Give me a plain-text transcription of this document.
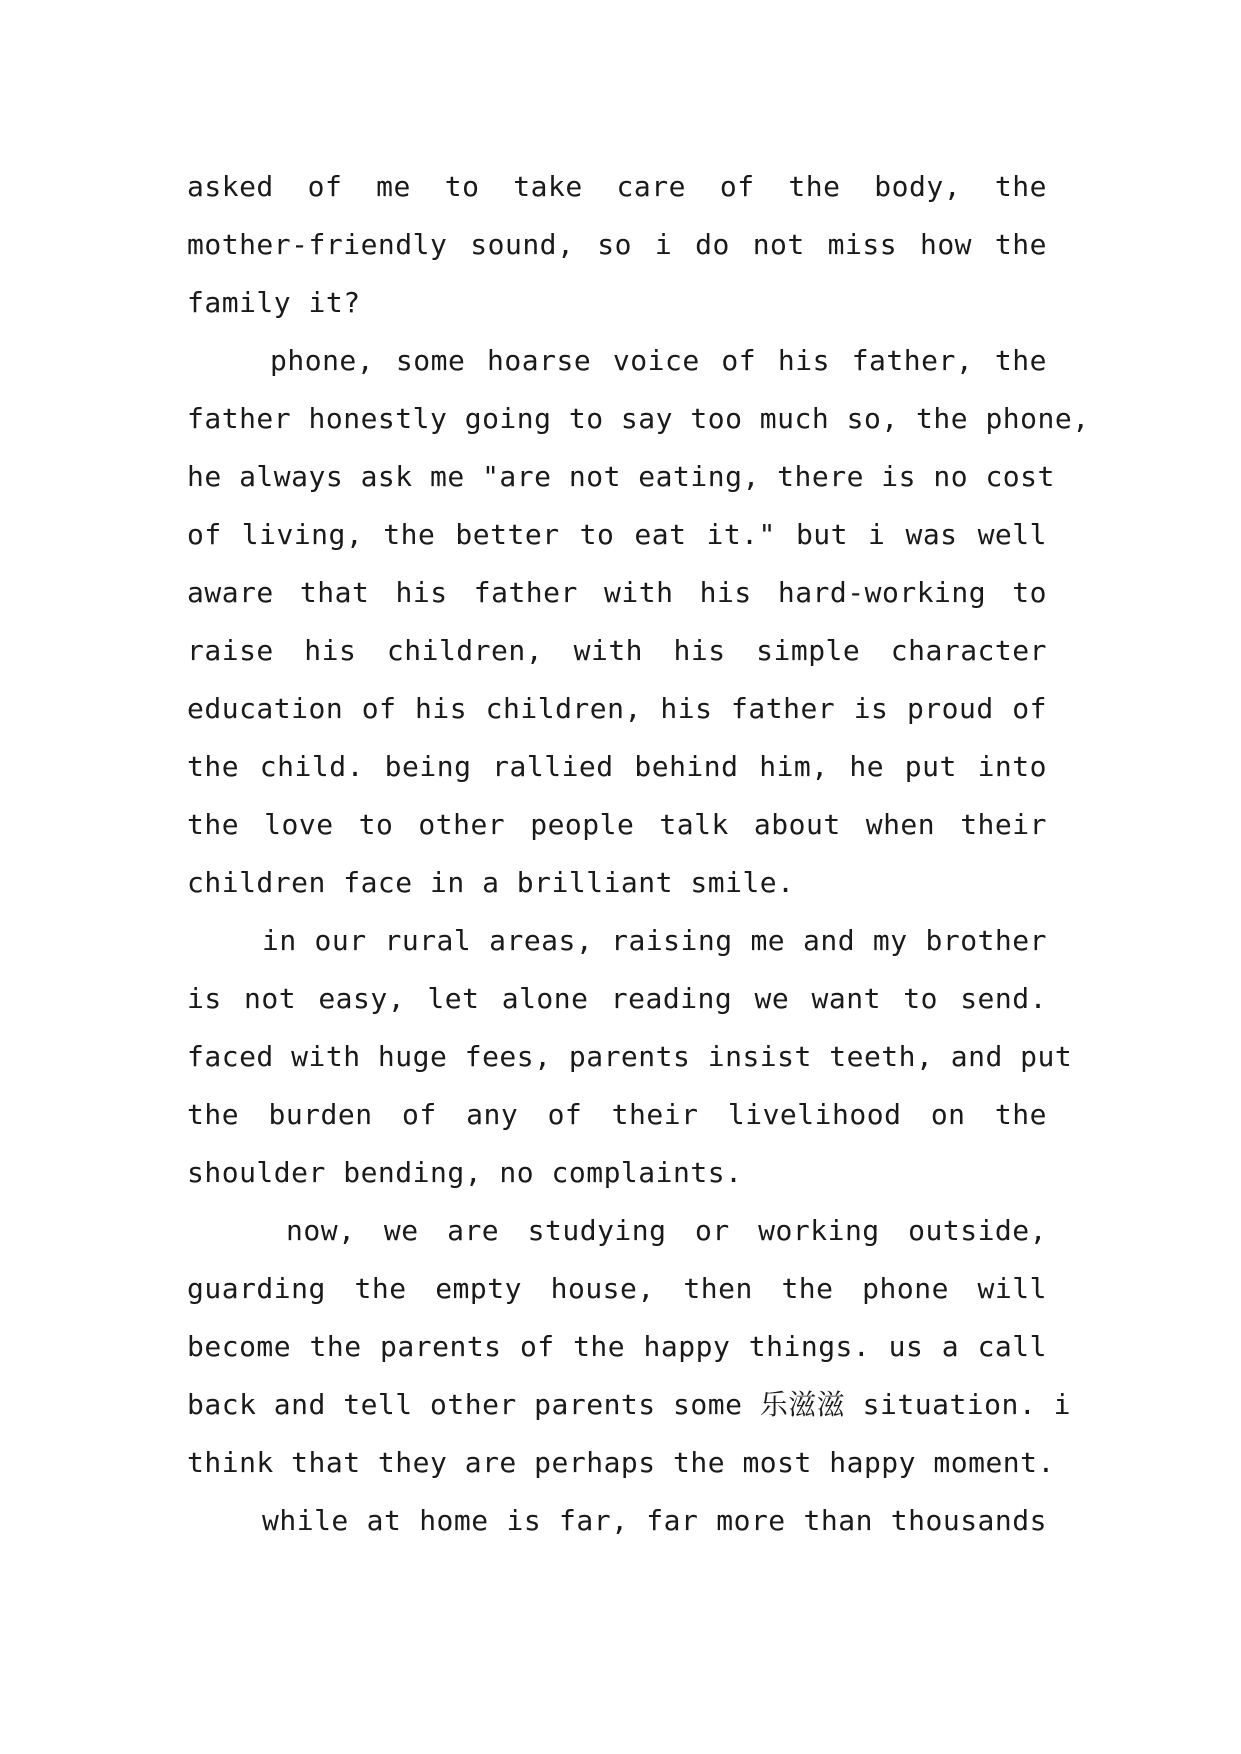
asked of me to take care of the body, the
mother-friendly sound, so i do not miss how the
family it?
phone, some hoarse voice of his father, the
father honestly going to say too much so, the phone,
he always ask me "are not eating, there is no cost
of living, the better to eat it." but i was well
aware that his father with his hard-working to
raise his children, with his simple character
education of his children, his father is proud of
the child. being rallied behind him, he put into
the love to other people talk about when their
children face in a brilliant smile.
in our rural areas, raising me and my brother
is not easy, let alone reading we want to send.
faced with huge fees, parents insist teeth, and put
the burden of any of their livelihood on the
shoulder bending, no complaints.
now, we are studying or working outside,
guarding the empty house, then the phone will
become the parents of the happy things. us a call
back and tell other parents some 乐滋滋 situation. i
think that they are perhaps the most happy moment.
while at home is far, far more than thousands
